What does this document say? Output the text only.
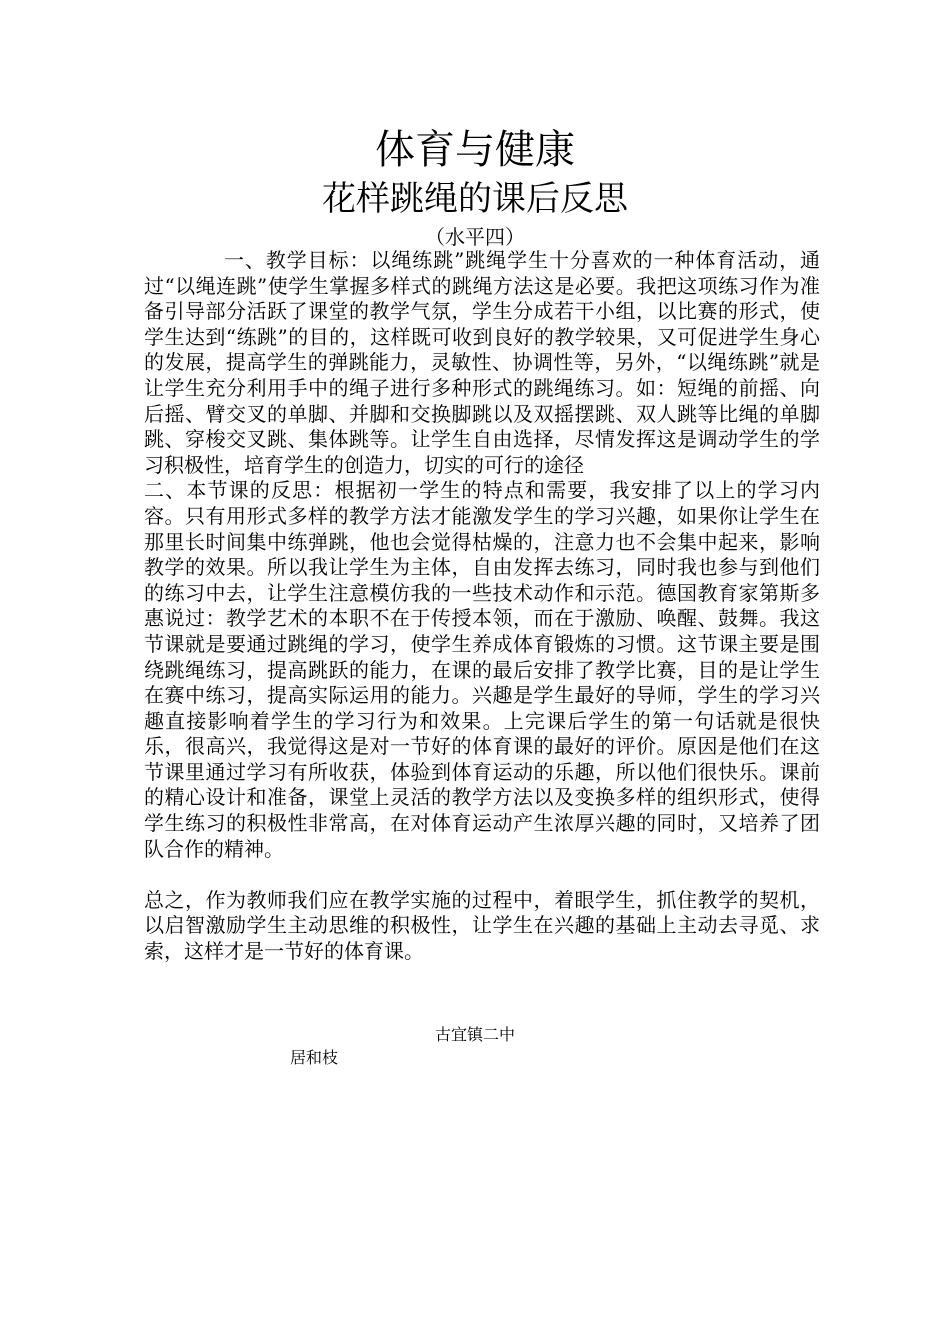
体育与健康
花样跳绳的课后反思

（水平四）

一、教学目标：以绳练跳”跳绳学生十分喜欢的一种体育活动，通过“以绳连跳”使学生掌握多样式的跳绳方法这是必要。我把这项练习作为准备引导部分活跃了课堂的教学气氛，学生分成若干小组，以比赛的形式，使学生达到“练跳”的目的，这样既可收到良好的教学较果，又可促进学生身心的发展，提高学生的弹跳能力，灵敏性、协调性等，另外，“以绳练跳”就是让学生充分利用手中的绳子进行多种形式的跳绳练习。如：短绳的前摇、向后摇、臂交叉的单脚、并脚和交换脚跳以及双摇摆跳、双人跳等比绳的单脚跳、穿梭交叉跳、集体跳等。让学生自由选择，尽情发挥这是调动学生的学习积极性，培育学生的创造力，切实的可行的途径

二、本节课的反思：根据初一学生的特点和需要，我安排了以上的学习内容。只有用形式多样的教学方法才能激发学生的学习兴趣，如果你让学生在那里长时间集中练弹跳，他也会觉得枯燥的，注意力也不会集中起来，影响教学的效果。所以我让学生为主体，自由发挥去练习，同时我也参与到他们的练习中去，让学生注意模仿我的一些技术动作和示范。德国教育家第斯多惠说过：教学艺术的本职不在于传授本领，而在于激励、唤醒、鼓舞。我这节课就是要通过跳绳的学习，使学生养成体育锻炼的习惯。这节课主要是围绕跳绳练习，提高跳跃的能力，在课的最后安排了教学比赛，目的是让学生在赛中练习，提高实际运用的能力。兴趣是学生最好的导师，学生的学习兴趣直接影响着学生的学习行为和效果。上完课后学生的第一句话就是很快乐，很高兴，我觉得这是对一节好的体育课的最好的评价。原因是他们在这节课里通过学习有所收获，体验到体育运动的乐趣，所以他们很快乐。课前的精心设计和准备，课堂上灵活的教学方法以及变换多样的组织形式，使得学生练习的积极性非常高，在对体育运动产生浓厚兴趣的同时，又培养了团队合作的精神。

总之，作为教师我们应在教学实施的过程中，着眼学生，抓住教学的契机，以启智激励学生主动思维的积极性，让学生在兴趣的基础上主动去寻觅、求索，这样才是一节好的体育课。

古宜镇二中

居和枝
